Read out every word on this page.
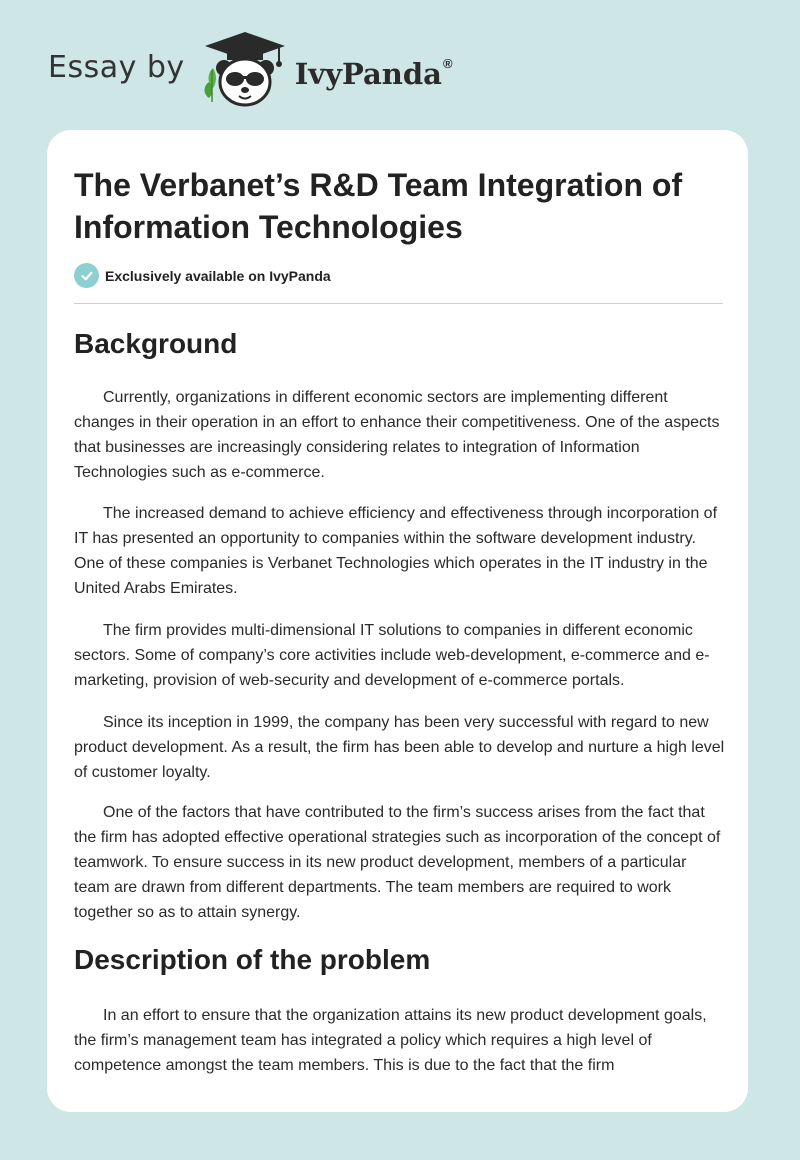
Essay by	IvyPanda®
The Verbanet’s R&D Team Integration of Information Technologies
Exclusively available on IvyPanda
Background

Currently, organizations in different economic sectors are implementing different changes in their operation in an effort to enhance their competitiveness. One of the aspects that businesses are increasingly considering relates to integration of Information Technologies such as e-commerce.

The increased demand to achieve efficiency and effectiveness through incorporation of IT has presented an opportunity to companies within the software development industry. One of these companies is Verbanet Technologies which operates in the IT industry in the United Arabs Emirates.

The firm provides multi-dimensional IT solutions to companies in different economic sectors. Some of company’s core activities include web-development, e-commerce and e-marketing, provision of web-security and development of e-commerce portals.

Since its inception in 1999, the company has been very successful with regard to new product development. As a result, the firm has been able to develop and nurture a high level of customer loyalty.

One of the factors that have contributed to the firm’s success arises from the fact that the firm has adopted effective operational strategies such as incorporation of the concept of teamwork. To ensure success in its new product development, members of a particular team are drawn from different departments. The team members are required to work together so as to attain synergy.

Description of the problem

In an effort to ensure that the organization attains its new product development goals, the firm’s management team has integrated a policy which requires a high level of competence amongst the team members. This is due to the fact that the firm
